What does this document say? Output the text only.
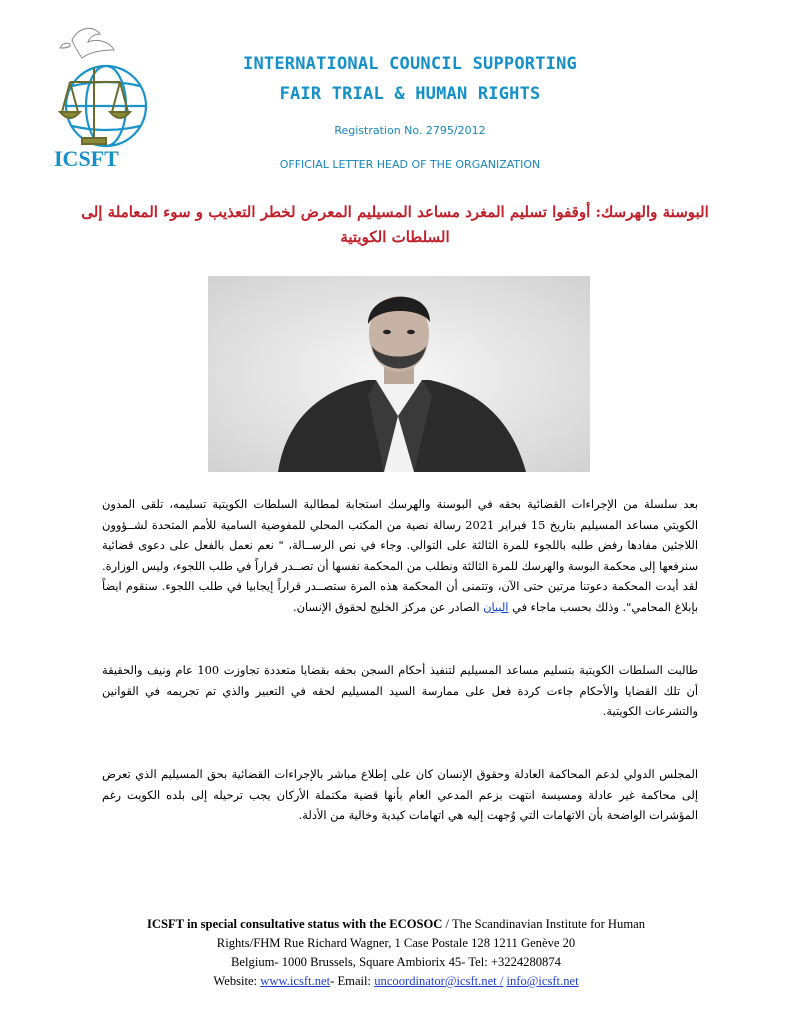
ICSFT
INTERNATIONAL COUNCIL SUPPORTING
FAIR TRIAL & HUMAN RIGHTS
Registration No. 2795/2012
OFFICIAL LETTER HEAD OF THE ORGANIZATION
البوسنة والهرسك: أوقفوا تسليم المغرد مساعد المسيليم المعرض لخطر التعذيب و سوء المعاملة إلى السلطات الكويتية
بعد سلسلة من الإجراءات القضائية بحقه في البوسنة والهرسك استجابة لمطالبة السلطات الكويتية تسليمه، تلقى المدون الكويتي مساعد المسيليم بتاريخ 15 فبراير 2021 رسالة نصية من المكتب المحلي للمفوضية السامية للأمم المتحدة لشــؤوون اللاجئين مفادها رفض طلبه باللجوء للمرة الثالثة على التوالي. وجاء في نص الرســالة، " نعم نعمل بالفعل على دعوى قضائية سنرفعها إلى محكمة البوسة والهرسك للمرة الثالثة ونطلب من المحكمة نفسها أن تصــدر قراراً في طلب اللجوء، وليس الوزارة. لقد أيدت المحكمة دعوتنا مرتين حتى الآن، وتتمنى أن المحكمة هذه المرة ستصــدر قراراً إيجابيا في طلب اللجوء. سنقوم ايضاً بإبلاغ المحامي". وذلك بحسب ماجاء في البيان الصادر عن مركز الخليج لحقوق الإنسان.
طالبت السلطات الكويتية بتسليم مساعد المسيليم لتنفيذ أحكام السجن بحقه بقضايا متعددة تجاوزت 100 عام ونيف والحقيقة أن تلك القضايا والأحكام جاءت كردة فعل على ممارسة السيد المسيليم لحقه في التعبير والذي تم تجريمه في القوانين والتشرعات الكويتية.
المجلس الدولي لدعم المحاكمة العادلة وحقوق الإنسان كان على إطلاع مباشر بالإجراءات القضائية بحق المسيليم الذي تعرض إلى محاكمة غير عادلة ومسيسة انتهت بزعم المدعي العام بأنها قضية مكتملة الأركان يجب ترحيله إلى بلده الكويت رغم المؤشرات الواضحة بأن الاتهامات التي وُجهت إليه هي اتهامات كيدية وخالية من الأدلة.
ICSFT in special consultative status with the ECOSOC / The Scandinavian Institute for Human
Rights/FHM Rue Richard Wagner, 1 Case Postale 128 1211 Genève 20
Belgium- 1000 Brussels, Square Ambiorix 45- Tel: +3224280874
Website: www.icsft.net- Email: uncoordinator@icsft.net / info@icsft.net
